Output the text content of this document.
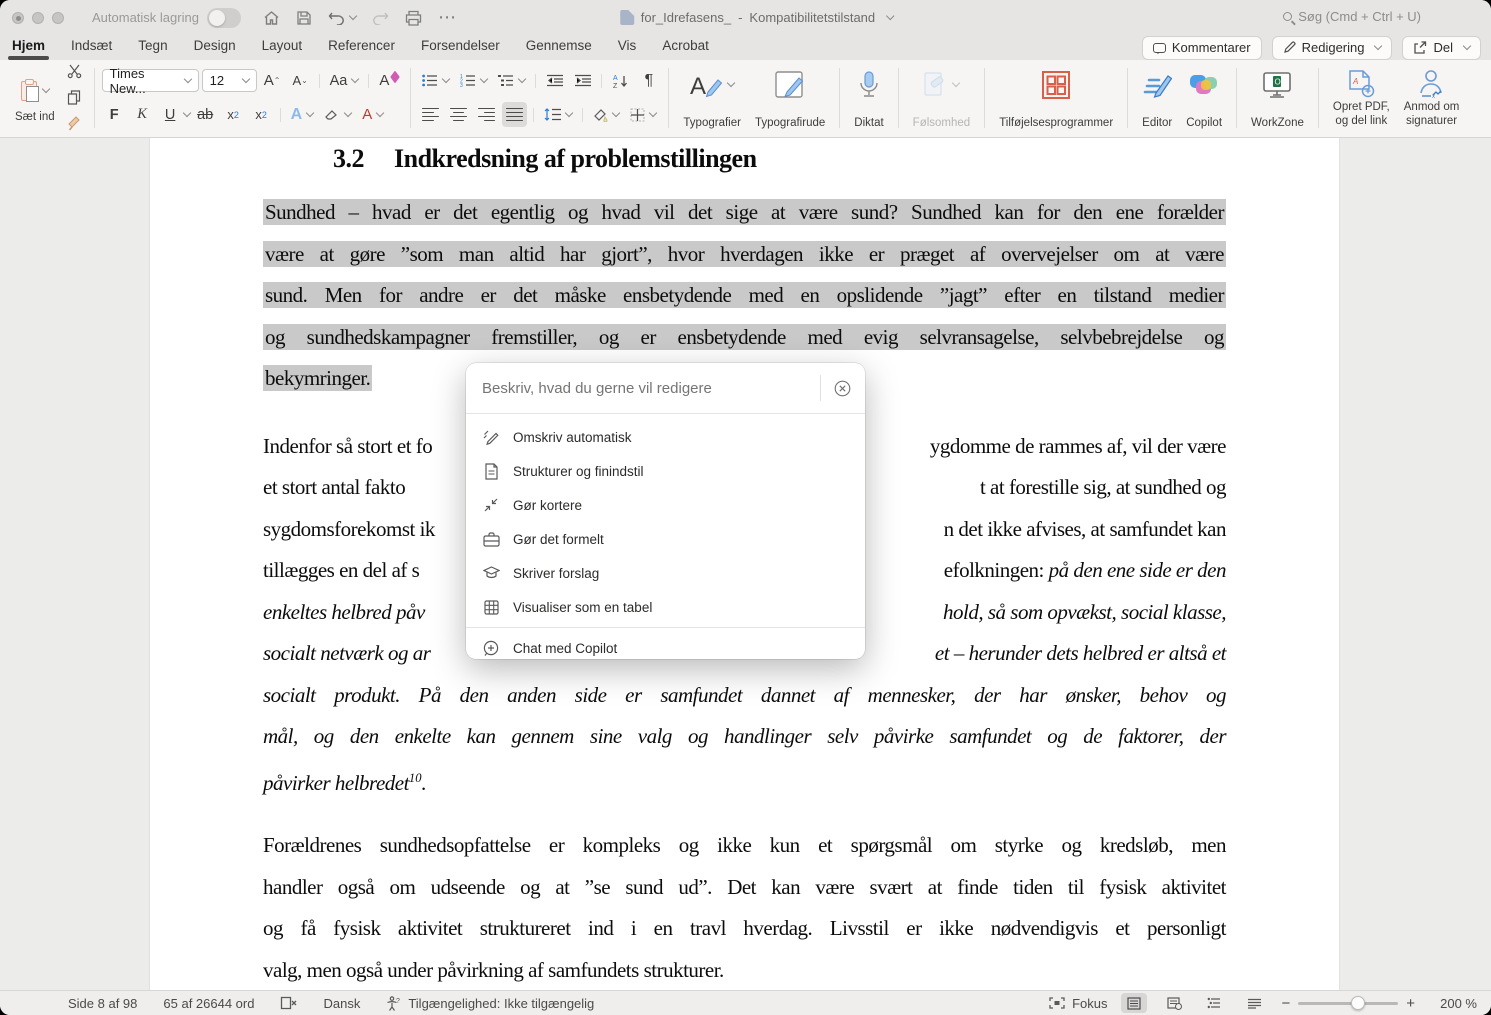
Automatisk lagring	⋯	for_Idrefasens_ - Kompatibilitetstilstand	Søg (Cmd + Ctrl + U)
Hjem Indsæt Tegn Design Layout Referencer Forsendelser Gennemse Vis Acrobat	Kommentarer	Redigering	Del
Sæt ind
Times New...	12	A ⌃ A ⌄ Aa A
F K U ab x 2 x 2 A	A
1
2
3
A
Z	¶	A
Typografier Typografirude	Diktat	Følsomhed	Tilføjelsesprogrammer	Editor Copilot
O
WorkZone
A
Opret PDF,
og del link
x
Anmod om
signaturer
3.2 Indkredsning af problemstillingen
Sundhed – hvad er det egentlig og hvad vil det sige at være sund? Sundhed kan for den ene forælder
være at gøre ”som man altid har gjort”, hvor hverdagen ikke er præget af overvejelser om at være
sund. Men for andre er det måske ensbetydende med en opslidende ”jagt” efter en tilstand medier
og sundhedskampagner fremstiller, og er ensbetydende med evig selvransagelse, selvbebrejdelse og
bekymringer.
Indenfor så stort et fo	ygdomme de rammes af, vil der være
et stort antal fakto	t at forestille sig, at sundhed og
sygdomsforekomst ik	n det ikke afvises, at samfundet kan
tillægges en del af s	efolkningen: på den ene side er den
enkeltes helbred påv	hold, så som opvækst, social klasse,
socialt netværk og ar	et – herunder dets helbred er altså et
socialt produkt. På den anden side er samfundet dannet af mennesker, der har ønsker, behov og
mål, og den enkelte kan gennem sine valg og handlinger selv påvirke samfundet og de faktorer, der
påvirker helbredet$^{10}$.
Forældrenes sundhedsopfattelse er kompleks og ikke kun et spørgsmål om styrke og kredsløb, men
handler også om udseende og at ”se sund ud”. Det kan være svært at finde tiden til fysisk aktivitet
og få fysisk aktivitet struktureret ind i en travl hverdag. Livsstil er ikke nødvendigvis et personligt
valg, men også under påvirkning af samfundets strukturer.
Beskriv, hvad du gerne vil redigere
Omskriv automatisk
Strukturer og finindstil
Gør kortere
Gør det formelt
Skriver forslag
Visualiser som en tabel
Chat med Copilot
Side 8 af 98 65 af 26644 ord	Dansk	? Tilgængelighed: Ikke tilgængelig	Fokus	−	+	200 %
